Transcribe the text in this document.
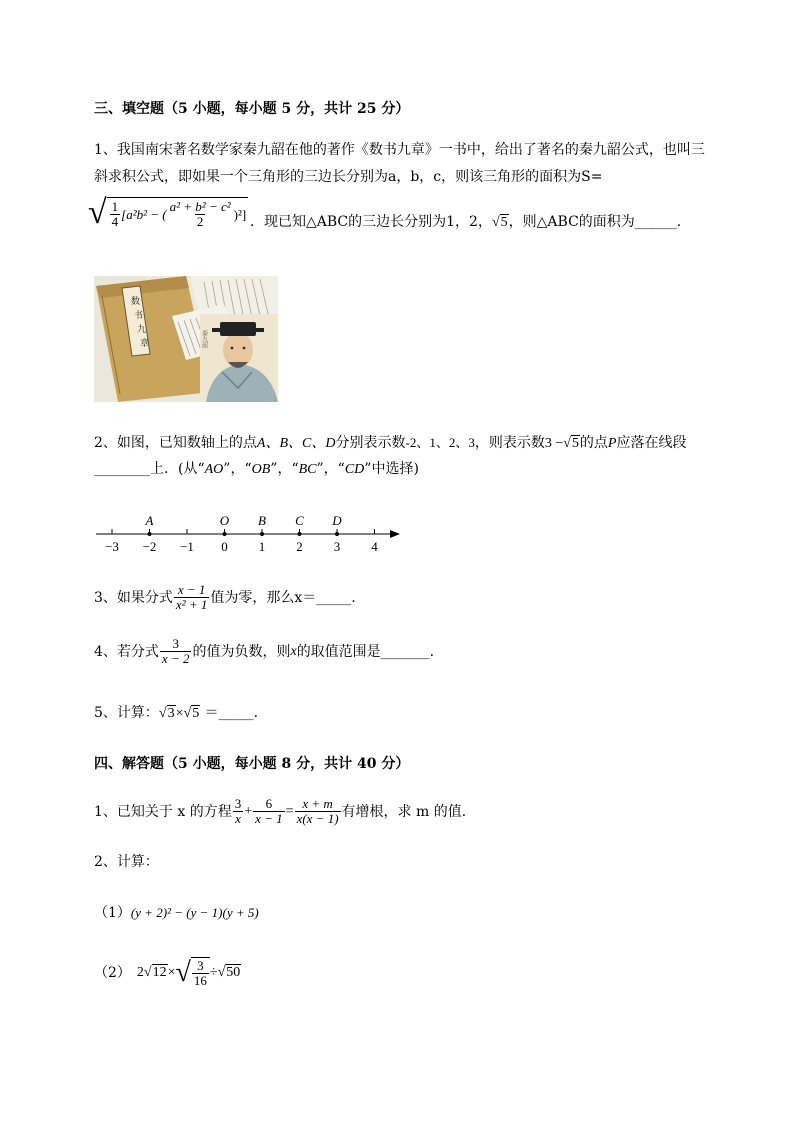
三、填空题（5 小题，每小题 5 分，共计 25 分）
1、我国南宋著名数学家秦九韶在他的著作《数书九章》一书中，给出了著名的秦九韶公式，也叫三
斜求积公式，即如果一个三角形的三边长分别为a，b，c，则该三角形的面积为S=
√ $\frac{1}{4} [a^2b^2$ − ( $\frac{\text{a² + b² − c²}}{2} )^2$] ．现已知△ABC的三边长分别为1，2，√5，则△ABC的面积为______.
数
书
九
章	秦九韶
2、如图，已知数轴上的点A、B、C、D分别表示数-2、1、2、3，则表示数3 −√5的点P应落在线段
________上．(从“AO”，“OB”，“BC”，“CD”中选择)
−3 −2 −1 0 1 2 3 4
A	O B C D
3、如果分式 $\frac{x - 1}{\text{x² + 1}}$ 值为零，那么x＝_____.
4、若分式 $\frac{3}{x - 2}$ 的值为负数，则 x 的取值范围是_______.
5、计算：√3×√5 ＝_____.
四、解答题（5 小题，每小题 8 分，共计 40 分）
1、已知关于 x 的方程 $\frac{3}{x} + \frac{6}{x - 1} = \frac{x + m}{x(x - 1)}$ 有增根，求 m 的值．
2、计算：
（1）(y + 2)² − (y − 1)(y + 5)
（2） 2 √12 × √ $\frac{3}{16} \div √50$
